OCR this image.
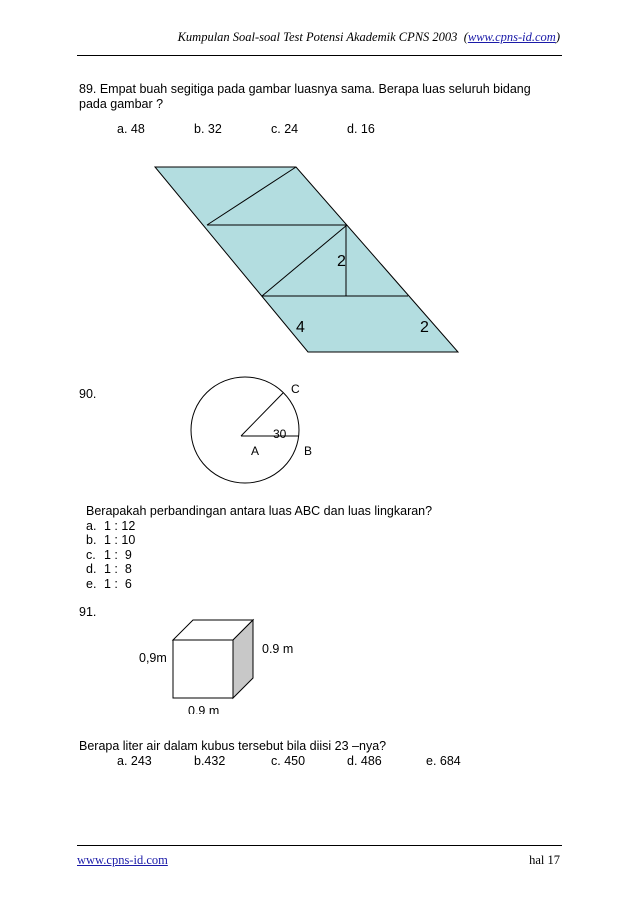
Kumpulan Soal-soal Test Potensi Akademik CPNS 2003  (www.cpns-id.com)
89. Empat buah segitiga pada gambar luasnya sama. Berapa luas seluruh bidang
pada gambar ?
a. 48	b. 32	c. 24	d. 16
2
4	2
90.	C
30
A	B
Berapakah perbandingan antara luas ABC dan luas lingkaran?
a. 1 : 12
b. 1 : 10
c. 1 :  9
d. 1 :  8
e. 1 :  6
91.
0,9m
0.9 m
0.9 m
Berapa liter air dalam kubus tersebut bila diisi 23 –nya?
a. 243	b.432	c. 450	d. 486	e. 684
www.cpns-id.com	hal 17
